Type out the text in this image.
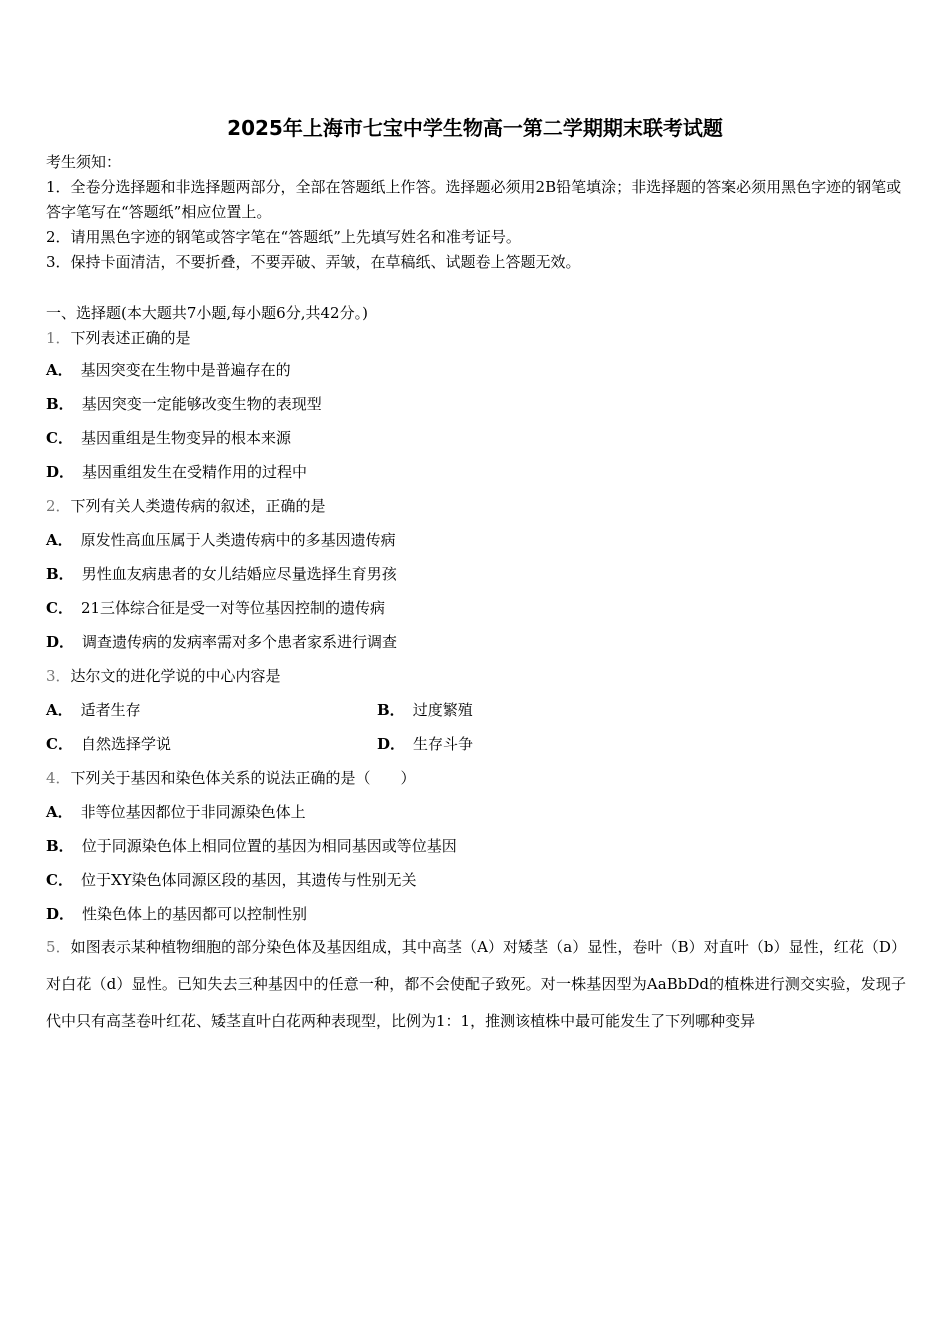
2025年上海市七宝中学生物高一第二学期期末联考试题
考生须知：
1．全卷分选择题和非选择题两部分，全部在答题纸上作答。选择题必须用2B铅笔填涂；非选择题的答案必须用黑色字迹的钢笔或答字笔写在“答题纸”相应位置上。
2．请用黑色字迹的钢笔或答字笔在“答题纸”上先填写姓名和准考证号。
3．保持卡面清洁，不要折叠，不要弄破、弄皱，在草稿纸、试题卷上答题无效。
一、选择题(本大题共7小题,每小题6分,共42分。)
1．下列表述正确的是
A． 基因突变在生物中是普遍存在的
B． 基因突变一定能够改变生物的表现型
C． 基因重组是生物变异的根本来源
D． 基因重组发生在受精作用的过程中
2．下列有关人类遗传病的叙述，正确的是
A． 原发性高血压属于人类遗传病中的多基因遗传病
B． 男性血友病患者的女儿结婚应尽量选择生育男孩
C． 21三体综合征是受一对等位基因控制的遗传病
D． 调查遗传病的发病率需对多个患者家系进行调查
3．达尔文的进化学说的中心内容是
A． 适者生存	B． 过度繁殖
C． 自然选择学说	D． 生存斗争
4．下列关于基因和染色体关系的说法正确的是（　　）
A． 非等位基因都位于非同源染色体上
B． 位于同源染色体上相同位置的基因为相同基因或等位基因
C． 位于XY染色体同源区段的基因，其遗传与性别无关
D． 性染色体上的基因都可以控制性别
5．如图表示某种植物细胞的部分染色体及基因组成，其中高茎（A）对矮茎（a）显性，卷叶（B）对直叶（b）显性，红花（D）对白花（d）显性。已知失去三种基因中的任意一种，都不会使配子致死。对一株基因型为AaBbDd的植株进行测交实验，发现子代中只有高茎卷叶红花、矮茎直叶白花两种表现型，比例为1：1，推测该植株中最可能发生了下列哪种变异
